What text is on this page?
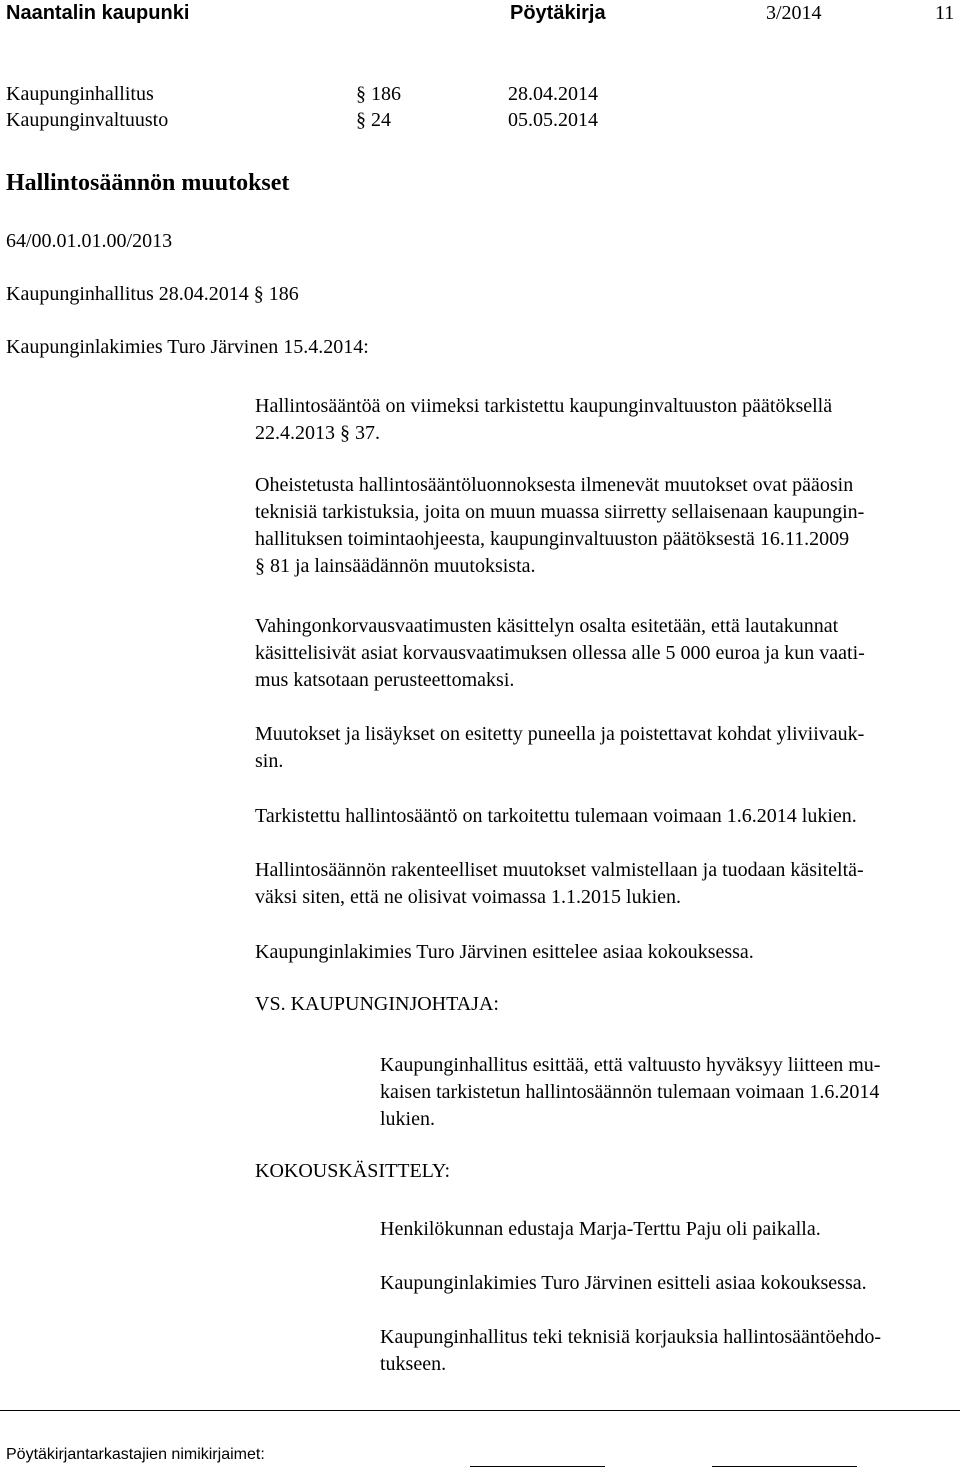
Naantalin kaupunki	Pöytäkirja	3/2014	11
Kaupunginhallitus	§ 186	28.04.2014
Kaupunginvaltuusto	§ 24	05.05.2014
Hallintosäännön muutokset
64/00.01.01.00/2013
Kaupunginhallitus 28.04.2014 § 186
Kaupunginlakimies Turo Järvinen 15.4.2014:
Hallintosääntöä on viimeksi tarkistettu kaupunginvaltuuston päätöksellä
22.4.2013 § 37.
Oheistetusta hallintosääntöluonnoksesta ilmenevät muutokset ovat pääosin
teknisiä tarkistuksia, joita on muun muassa siirretty sellaisenaan kaupungin-
hallituksen toimintaohjeesta, kaupunginvaltuuston päätöksestä 16.11.2009
§ 81 ja lainsäädännön muutoksista.
Vahingonkorvausvaatimusten käsittelyn osalta esitetään, että lautakunnat
käsittelisivät asiat korvausvaatimuksen ollessa alle 5 000 euroa ja kun vaati-
mus katsotaan perusteettomaksi.
Muutokset ja lisäykset on esitetty puneella ja poistettavat kohdat yliviivauk-
sin.
Tarkistettu hallintosääntö on tarkoitettu tulemaan voimaan 1.6.2014 lukien.
Hallintosäännön rakenteelliset muutokset valmistellaan ja tuodaan käsiteltä-
väksi siten, että ne olisivat voimassa 1.1.2015 lukien.
Kaupunginlakimies Turo Järvinen esittelee asiaa kokouksessa.
VS. KAUPUNGINJOHTAJA:
Kaupunginhallitus esittää, että valtuusto hyväksyy liitteen mu-
kaisen tarkistetun hallintosäännön tulemaan voimaan 1.6.2014
lukien.
KOKOUSKÄSITTELY:
Henkilökunnan edustaja Marja-Terttu Paju oli paikalla.
Kaupunginlakimies Turo Järvinen esitteli asiaa kokouksessa.
Kaupunginhallitus teki teknisiä korjauksia hallintosääntöehdo-
tukseen.
Pöytäkirjantarkastajien nimikirjaimet:
